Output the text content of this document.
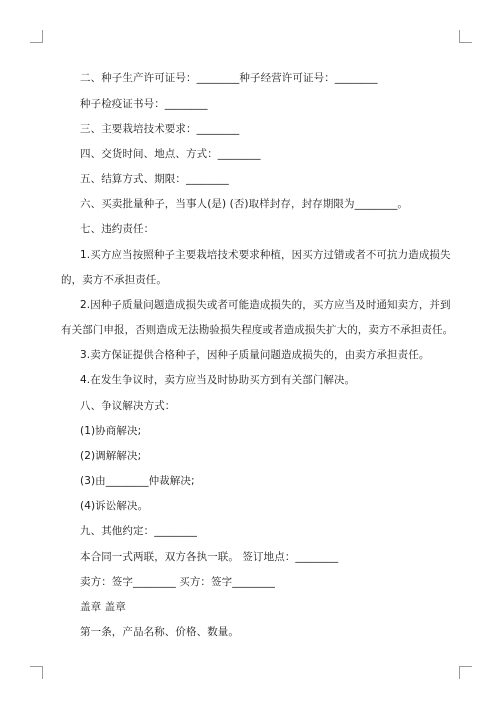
二、种子生产许可证号：________种子经营许可证号：________
种子检疫证书号：________
三、主要栽培技术要求：________
四、交货时间、地点、方式：________
五、结算方式、期限：________
六、买卖批量种子，当事人(是) (否)取样封存，封存期限为________。
七、违约责任：
1.买方应当按照种子主要栽培技术要求种植，因买方过错或者不可抗力造成损失
的，卖方不承担责任。
2.因种子质量问题造成损失或者可能造成损失的，买方应当及时通知卖方，并到
有关部门申报，否则造成无法勘验损失程度或者造成损失扩大的，卖方不承担责任。
3.卖方保证提供合格种子，因种子质量问题造成损失的，由卖方承担责任。
4.在发生争议时，卖方应当及时协助买方到有关部门解决。
八、争议解决方式：
(1)协商解决;
(2)调解解决;
(3)由________仲裁解决;
(4)诉讼解决。
九、其他约定：________
本合同一式两联，双方各执一联。 签订地点：________
卖方：签字________ 买方：签字________
盖章 盖章
第一条，产品名称、价格、数量。
